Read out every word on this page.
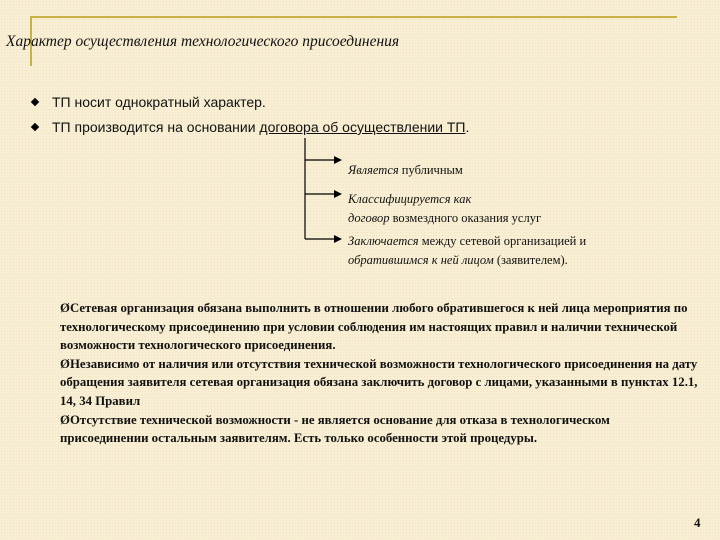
Характер осуществления технологического присоединения
ТП носит однократный характер.
ТП производится на основании договора об осуществлении ТП.
Является публичным
Классифицируется как
договор возмездного оказания услуг
Заключается между сетевой организацией и
обратившимся к ней лицом (заявителем).

ØСетевая организация обязана выполнить в отношении любого обратившегося к ней лица мероприятия по технологическому присоединению при условии соблюдения им настоящих правил и наличии технической возможности технологического присоединения.

ØНезависимо от наличия или отсутствия технической возможности технологического присоединения на дату обращения заявителя сетевая организация обязана заключить договор с лицами, указанными в пунктах 12.1, 14, 34 Правил

ØОтсутствие технической возможности - не является основание для отказа в технологическом присоединении остальным заявителям. Есть только особенности этой процедуры.

4
